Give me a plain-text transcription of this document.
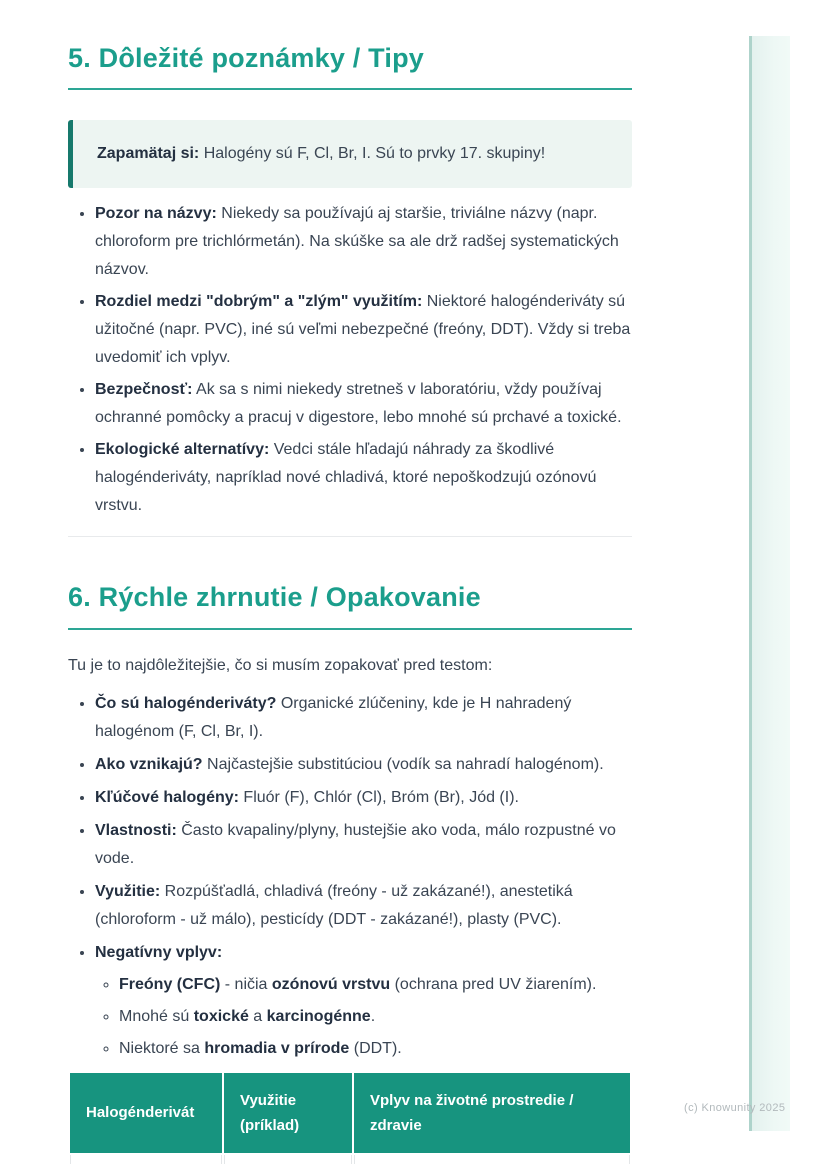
(c) Knowunity 2025
5. Dôležité poznámky / Tipy
Zapamätaj si: Halogény sú F, Cl, Br, I. Sú to prvky 17. skupiny!
• Pozor na názvy: Niekedy sa používajú aj staršie, triviálne názvy (napr. chloroform pre trichlórmetán). Na skúške sa ale drž radšej systematických názvov.
• Rozdiel medzi "dobrým" a "zlým" využitím: Niektoré halogénderiváty sú užitočné (napr. PVC), iné sú veľmi nebezpečné (freóny, DDT). Vždy si treba uvedomiť ich vplyv.
• Bezpečnosť: Ak sa s nimi niekedy stretneš v laboratóriu, vždy používaj ochranné pomôcky a pracuj v digestore, lebo mnohé sú prchavé a toxické.
• Ekologické alternatívy: Vedci stále hľadajú náhrady za škodlivé halogénderiváty, napríklad nové chladivá, ktoré nepoškodzujú ozónovú vrstvu.
6. Rýchle zhrnutie / Opakovanie

Tu je to najdôležitejšie, čo si musím zopakovať pred testom:

• Čo sú halogénderiváty? Organické zlúčeniny, kde je H nahradený halogénom (F, Cl, Br, I).
• Ako vznikajú? Najčastejšie substitúciou (vodík sa nahradí halogénom).
• Kľúčové halogény: Fluór (F), Chlór (Cl), Bróm (Br), Jód (I).
• Vlastnosti: Často kvapaliny/plyny, hustejšie ako voda, málo rozpustné vo vode.
• Využitie: Rozpúšťadlá, chladivá (freóny - už zakázané!), anestetiká (chloroform - už málo), pesticídy (DDT - zakázané!), plasty (PVC).
• Negatívny vplyv:
◦ Freóny (CFC) - ničia ozónovú vrstvu (ochrana pred UV žiarením).
◦ Mnohé sú toxické a karcinogénne.
◦ Niektoré sa hromadia v prírode (DDT).
Halogénderivát	Využitie (príklad)	Vplyv na životné prostredie / zdravie
